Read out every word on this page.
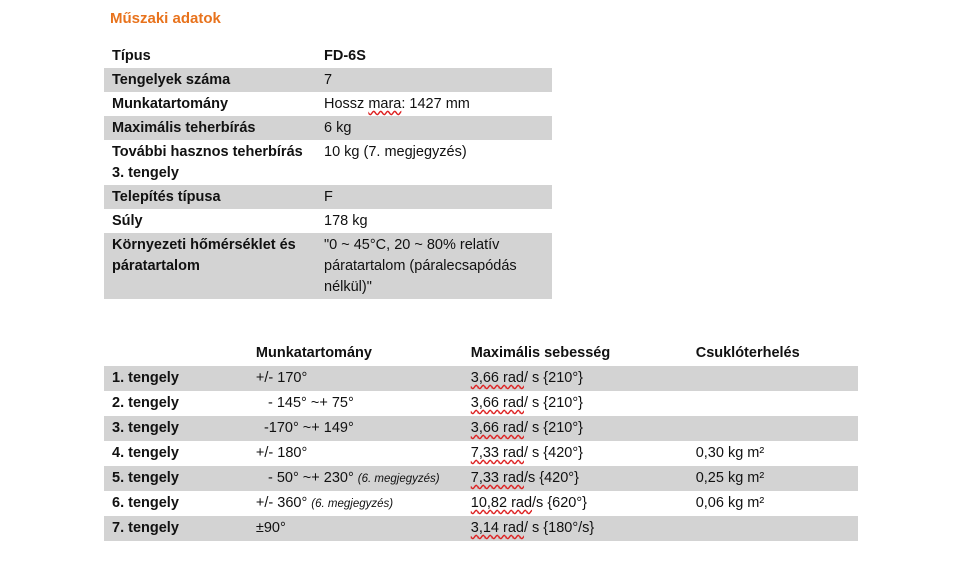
Műszaki adatok
Típus	FD-6S
Tengelyek száma	7
Munkatartomány	Hossz mara: 1427 mm
Maximális teherbírás	6 kg
További hasznos teherbírás 3. tengely	10 kg (7. megjegyzés)
Telepítés típusa	F
Súly	178 kg
Környezeti hőmérséklet és páratartalom	"0 ~ 45°C, 20 ~ 80% relatív páratartalom (páralecsapódás nélkül)"
	Munkatartomány	Maximális sebesség	Csuklóterhelés
1. tengely	+/- 170°	3,66 rad/ s {210°}	
2. tengely	- 145° ~+ 75°	3,66 rad/ s {210°}	
3. tengely	-170° ~+ 149°	3,66 rad/ s {210°}	
4. tengely	+/- 180°	7,33 rad/ s {420°}	0,30 kg m²
5. tengely	- 50° ~+ 230° (6. megjegyzés)	7,33 rad/s {420°}	0,25 kg m²
6. tengely	+/- 360° (6. megjegyzés)	10,82 rad/s {620°}	0,06 kg m²
7. tengely	±90°	3,14 rad/ s {180°/s}	
